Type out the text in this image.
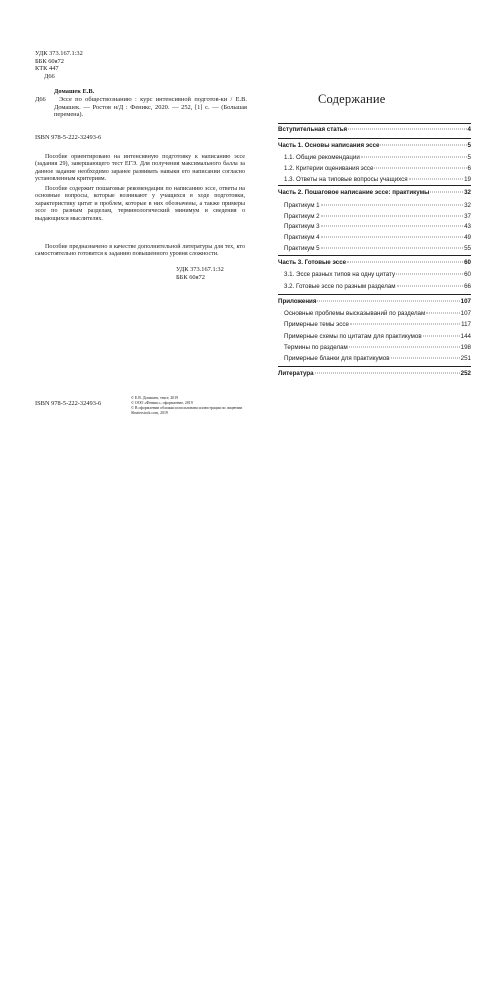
УДК 373.167.1:32
ББК 60я72
КТК 447
Д66
Домашек Е.В.
Д66	Эссе по обществознанию : курс интенсивной подготов-ки / Е.В. Домашек. — Ростов н/Д : Феникс, 2020. — 252, [1] с. — (Большая перемена).
ISBN 978-5-222-32493-6
Пособие ориентировано на интенсивную подготовку к написанию эссе (задания 29), завершающего тест ЕГЭ. Для получения максимального балла за данное задание необходимо заранее развивать навыки его написании согласно установленным критериям.
Пособие содержит пошаговые рекомендации по написанию эссе, ответы на основные вопросы, которые возникают у учащихся в ходе подготовки, характеристику цитат и проблем, которые в них обозначены, а также примеры эссе по разным разделам, терминологический минимум и сведения о выдающихся мыслителях.
Пособие предназначено в качестве дополнительной литературы для тех, кто самостоятельно готовится к заданию повышенного уровня сложности.
УДК 373.167.1:32
ББК 60я72
ISBN 978-5-222-32493-6
© Е.В. Домашек, текст, 2019
© ООО «Феникс», оформление, 2019
© В оформлении обложки использована иллюстрация по лицензии Shutterstock.com, 2019
Содержание
Вступительная статья	4
Часть 1. Основы написания эссе	5
1.1. Общие рекомендации	5
1.2. Критерии оценивания эссе	6
1.3. Ответы на типовые вопросы учащихся	19
Часть 2. Пошаговое написание эссе: практикумы	32
Практикум 1	32
Практикум 2	37
Практикум 3	43
Практикум 4	49
Практикум 5	55
Часть 3. Готовые эссе	60
3.1. Эссе разных типов на одну цитату	60
3.2. Готовые эссе по разным разделам	66
Приложения	107
Основные проблемы высказываний по разделам	107
Примерные темы эссе	117
Примерные схемы по цитатам для практикумов	144
Термины по разделам	198
Примерные бланки для практикумов	251
Литература	252
